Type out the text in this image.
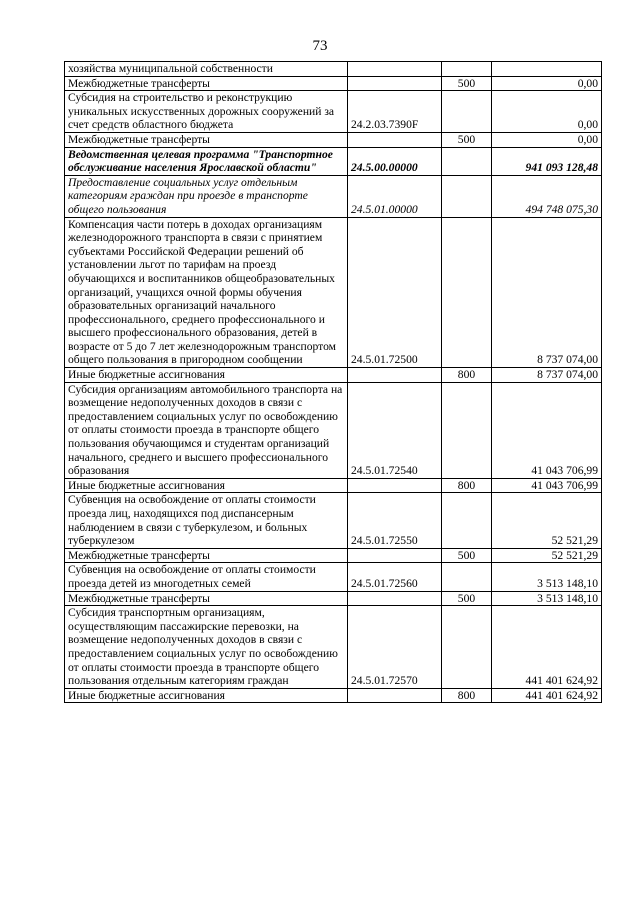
73
хозяйства муниципальной собственности			
Межбюджетные трансферты		500	0,00
Субсидия на строительство и реконструкцию уникальных искусственных дорожных сооружений за счет средств областного бюджета	24.2.03.7390F		0,00
Межбюджетные трансферты		500	0,00
Ведомственная целевая программа "Транспортное обслуживание населения Ярославской области"	24.5.00.00000		941 093 128,48
Предоставление социальных услуг отдельным категориям граждан при проезде в транспорте общего пользования	24.5.01.00000		494 748 075,30
Компенсация части потерь в доходах организациям железнодорожного транспорта в связи с принятием субъектами Российской Федерации решений об установлении льгот по тарифам на проезд обучающихся и воспитанников общеобразовательных организаций, учащихся очной формы обучения образовательных организаций начального профессионального, среднего профессионального и высшего профессионального образования, детей в возрасте от 5 до 7 лет железнодорожным транспортом общего пользования в пригородном сообщении	24.5.01.72500		8 737 074,00
Иные бюджетные ассигнования		800	8 737 074,00
Субсидия организациям автомобильного транспорта на возмещение недополученных доходов в связи с предоставлением социальных услуг по освобождению от оплаты стоимости проезда в транспорте общего пользования обучающимся и студентам организаций начального, среднего и высшего профессионального образования	24.5.01.72540		41 043 706,99
Иные бюджетные ассигнования		800	41 043 706,99
Субвенция на освобождение от оплаты стоимости проезда лиц, находящихся под диспансерным наблюдением в связи с туберкулезом, и больных туберкулезом	24.5.01.72550		52 521,29
Межбюджетные трансферты		500	52 521,29
Субвенция на освобождение от оплаты стоимости проезда детей из многодетных семей	24.5.01.72560		3 513 148,10
Межбюджетные трансферты		500	3 513 148,10
Субсидия транспортным организациям, осуществляющим пассажирские перевозки, на возмещение недополученных доходов в связи с предоставлением социальных услуг по освобождению от оплаты стоимости проезда в транспорте общего пользования отдельным категориям граждан	24.5.01.72570		441 401 624,92
Иные бюджетные ассигнования		800	441 401 624,92
